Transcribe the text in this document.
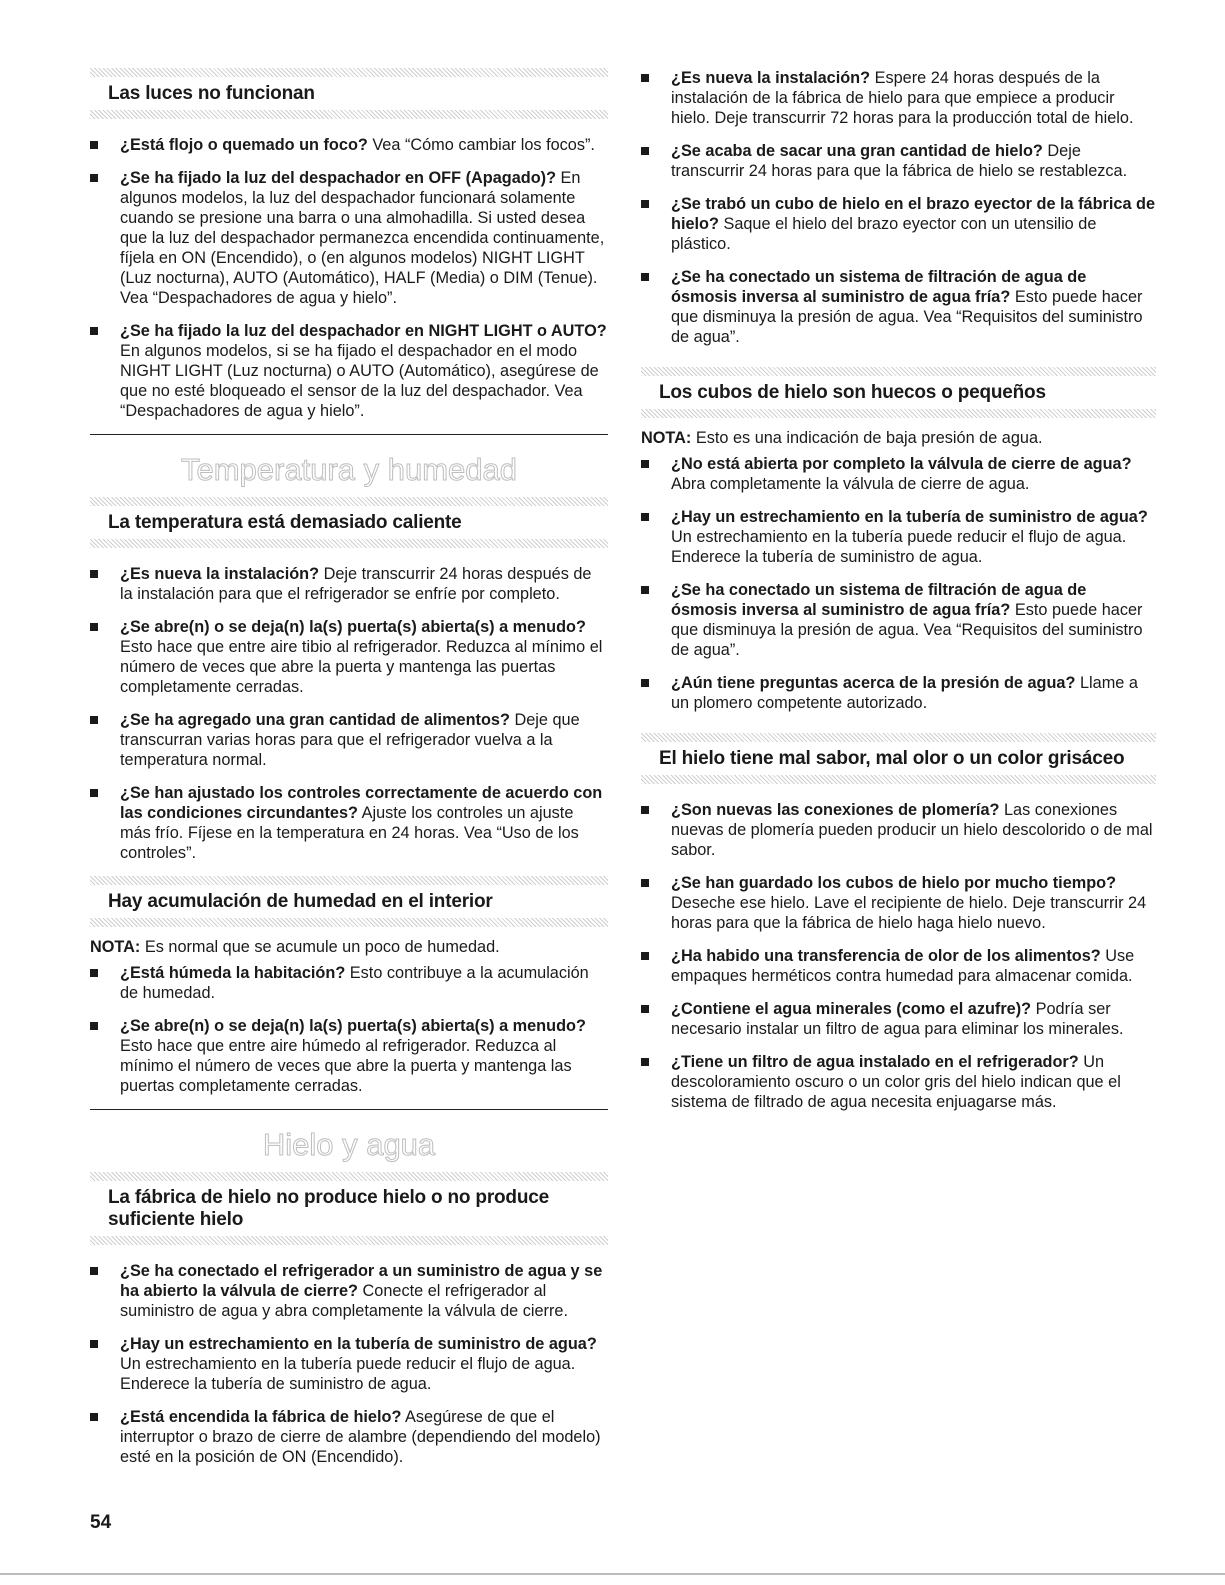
Las luces no funcionan
¿Está flojo o quemado un foco? Vea “Cómo cambiar los focos”.
¿Se ha fijado la luz del despachador en OFF (Apagado)? En algunos modelos, la luz del despachador funcionará solamente cuando se presione una barra o una almohadilla. Si usted desea que la luz del despachador permanezca encendida continuamente, fíjela en ON (Encendido), o (en algunos modelos) NIGHT LIGHT (Luz nocturna), AUTO (Automático), HALF (Media) o DIM (Tenue). Vea “Despachadores de agua y hielo”.
¿Se ha fijado la luz del despachador en NIGHT LIGHT o AUTO? En algunos modelos, si se ha fijado el despachador en el modo NIGHT LIGHT (Luz nocturna) o AUTO (Automático), asegúrese de que no esté bloqueado el sensor de la luz del despachador. Vea “Despachadores de agua y hielo”.
Temperatura y humedad
La temperatura está demasiado caliente
¿Es nueva la instalación? Deje transcurrir 24 horas después de la instalación para que el refrigerador se enfríe por completo.
¿Se abre(n) o se deja(n) la(s) puerta(s) abierta(s) a menudo? Esto hace que entre aire tibio al refrigerador. Reduzca al mínimo el número de veces que abre la puerta y mantenga las puertas completamente cerradas.
¿Se ha agregado una gran cantidad de alimentos? Deje que transcurran varias horas para que el refrigerador vuelva a la temperatura normal.
¿Se han ajustado los controles correctamente de acuerdo con las condiciones circundantes? Ajuste los controles un ajuste más frío. Fíjese en la temperatura en 24 horas. Vea “Uso de los controles”.
Hay acumulación de humedad en el interior
NOTA: Es normal que se acumule un poco de humedad.
¿Está húmeda la habitación? Esto contribuye a la acumulación de humedad.
¿Se abre(n) o se deja(n) la(s) puerta(s) abierta(s) a menudo? Esto hace que entre aire húmedo al refrigerador. Reduzca al mínimo el número de veces que abre la puerta y mantenga las puertas completamente cerradas.
Hielo y agua
La fábrica de hielo no produce hielo o no produce suficiente hielo
¿Se ha conectado el refrigerador a un suministro de agua y se ha abierto la válvula de cierre? Conecte el refrigerador al suministro de agua y abra completamente la válvula de cierre.
¿Hay un estrechamiento en la tubería de suministro de agua? Un estrechamiento en la tubería puede reducir el flujo de agua. Enderece la tubería de suministro de agua.
¿Está encendida la fábrica de hielo? Asegúrese de que el interruptor o brazo de cierre de alambre (dependiendo del modelo) esté en la posición de ON (Encendido).
¿Es nueva la instalación? Espere 24 horas después de la instalación de la fábrica de hielo para que empiece a producir hielo. Deje transcurrir 72 horas para la producción total de hielo.
¿Se acaba de sacar una gran cantidad de hielo? Deje transcurrir 24 horas para que la fábrica de hielo se restablezca.
¿Se trabó un cubo de hielo en el brazo eyector de la fábrica de hielo? Saque el hielo del brazo eyector con un utensilio de plástico.
¿Se ha conectado un sistema de filtración de agua de ósmosis inversa al suministro de agua fría? Esto puede hacer que disminuya la presión de agua. Vea “Requisitos del suministro de agua”.
Los cubos de hielo son huecos o pequeños
NOTA: Esto es una indicación de baja presión de agua.
¿No está abierta por completo la válvula de cierre de agua? Abra completamente la válvula de cierre de agua.
¿Hay un estrechamiento en la tubería de suministro de agua? Un estrechamiento en la tubería puede reducir el flujo de agua. Enderece la tubería de suministro de agua.
¿Se ha conectado un sistema de filtración de agua de ósmosis inversa al suministro de agua fría? Esto puede hacer que disminuya la presión de agua. Vea “Requisitos del suministro de agua”.
¿Aún tiene preguntas acerca de la presión de agua? Llame a un plomero competente autorizado.
El hielo tiene mal sabor, mal olor o un color grisáceo
¿Son nuevas las conexiones de plomería? Las conexiones nuevas de plomería pueden producir un hielo descolorido o de mal sabor.
¿Se han guardado los cubos de hielo por mucho tiempo? Deseche ese hielo. Lave el recipiente de hielo. Deje transcurrir 24 horas para que la fábrica de hielo haga hielo nuevo.
¿Ha habido una transferencia de olor de los alimentos? Use empaques herméticos contra humedad para almacenar comida.
¿Contiene el agua minerales (como el azufre)? Podría ser necesario instalar un filtro de agua para eliminar los minerales.
¿Tiene un filtro de agua instalado en el refrigerador? Un descoloramiento oscuro o un color gris del hielo indican que el sistema de filtrado de agua necesita enjuagarse más.
54
